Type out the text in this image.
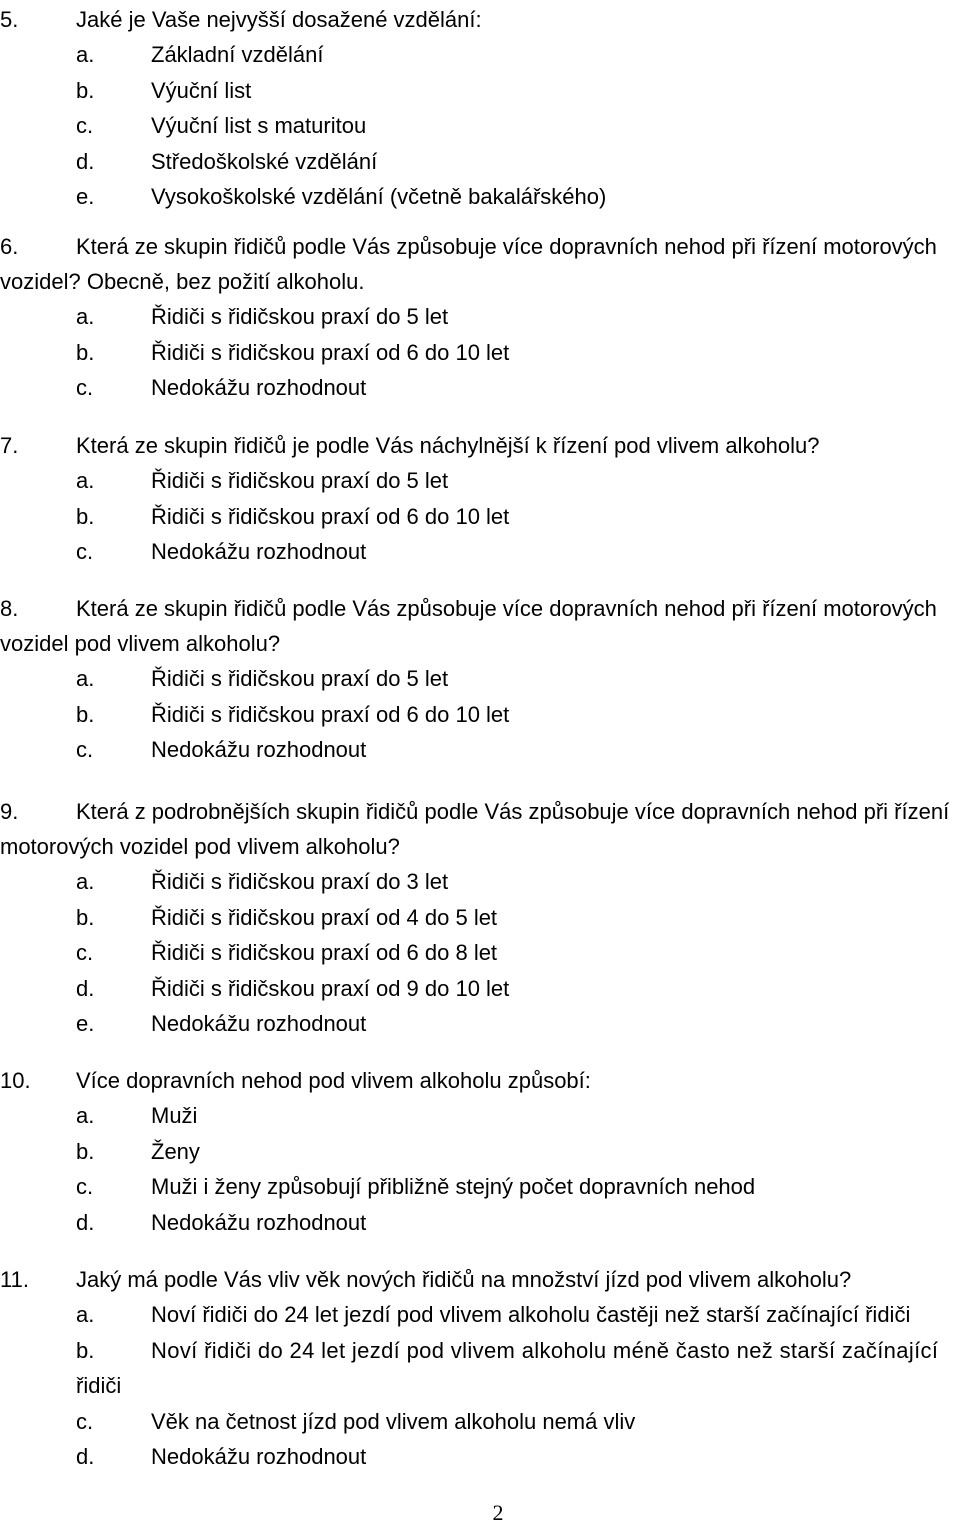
5.	Jaké je Vaše nejvyšší dosažené vzdělání:
a.	Základní vzdělání
b.	Výuční list
c.	Výuční list s maturitou
d.	Středoškolské vzdělání
e.	Vysokoškolské vzdělání (včetně bakalářského)
6.	Která ze skupin řidičů podle Vás způsobuje více dopravních nehod při řízení motorových
vozidel? Obecně, bez požití alkoholu.
a.	Řidiči s řidičskou praxí do 5 let
b.	Řidiči s řidičskou praxí od 6 do 10 let
c.	Nedokážu rozhodnout
7.	Která ze skupin řidičů je podle Vás náchylnější k řízení pod vlivem alkoholu?
a.	Řidiči s řidičskou praxí do 5 let
b.	Řidiči s řidičskou praxí od 6 do 10 let
c.	Nedokážu rozhodnout
8.	Která ze skupin řidičů podle Vás způsobuje více dopravních nehod při řízení motorových
vozidel pod vlivem alkoholu?
a.	Řidiči s řidičskou praxí do 5 let
b.	Řidiči s řidičskou praxí od 6 do 10 let
c.	Nedokážu rozhodnout
9.	Která z podrobnějších skupin řidičů podle Vás způsobuje více dopravních nehod při řízení
motorových vozidel pod vlivem alkoholu?
a.	Řidiči s řidičskou praxí do 3 let
b.	Řidiči s řidičskou praxí od 4 do 5 let
c.	Řidiči s řidičskou praxí od 6 do 8 let
d.	Řidiči s řidičskou praxí od 9 do 10 let
e.	Nedokážu rozhodnout
10. Více dopravních nehod pod vlivem alkoholu způsobí:
a.	Muži
b.	Ženy
c.	Muži i ženy způsobují přibližně stejný počet dopravních nehod
d.	Nedokážu rozhodnout
11. Jaký má podle Vás vliv věk nových řidičů na množství jízd pod vlivem alkoholu?
a.	Noví řidiči do 24 let jezdí pod vlivem alkoholu častěji než starší začínající řidiči
b.	Noví řidiči do 24 let jezdí pod vlivem alkoholu méně často než starší začínající
řidiči
c.	Věk na četnost jízd pod vlivem alkoholu nemá vliv
d.	Nedokážu rozhodnout
2
